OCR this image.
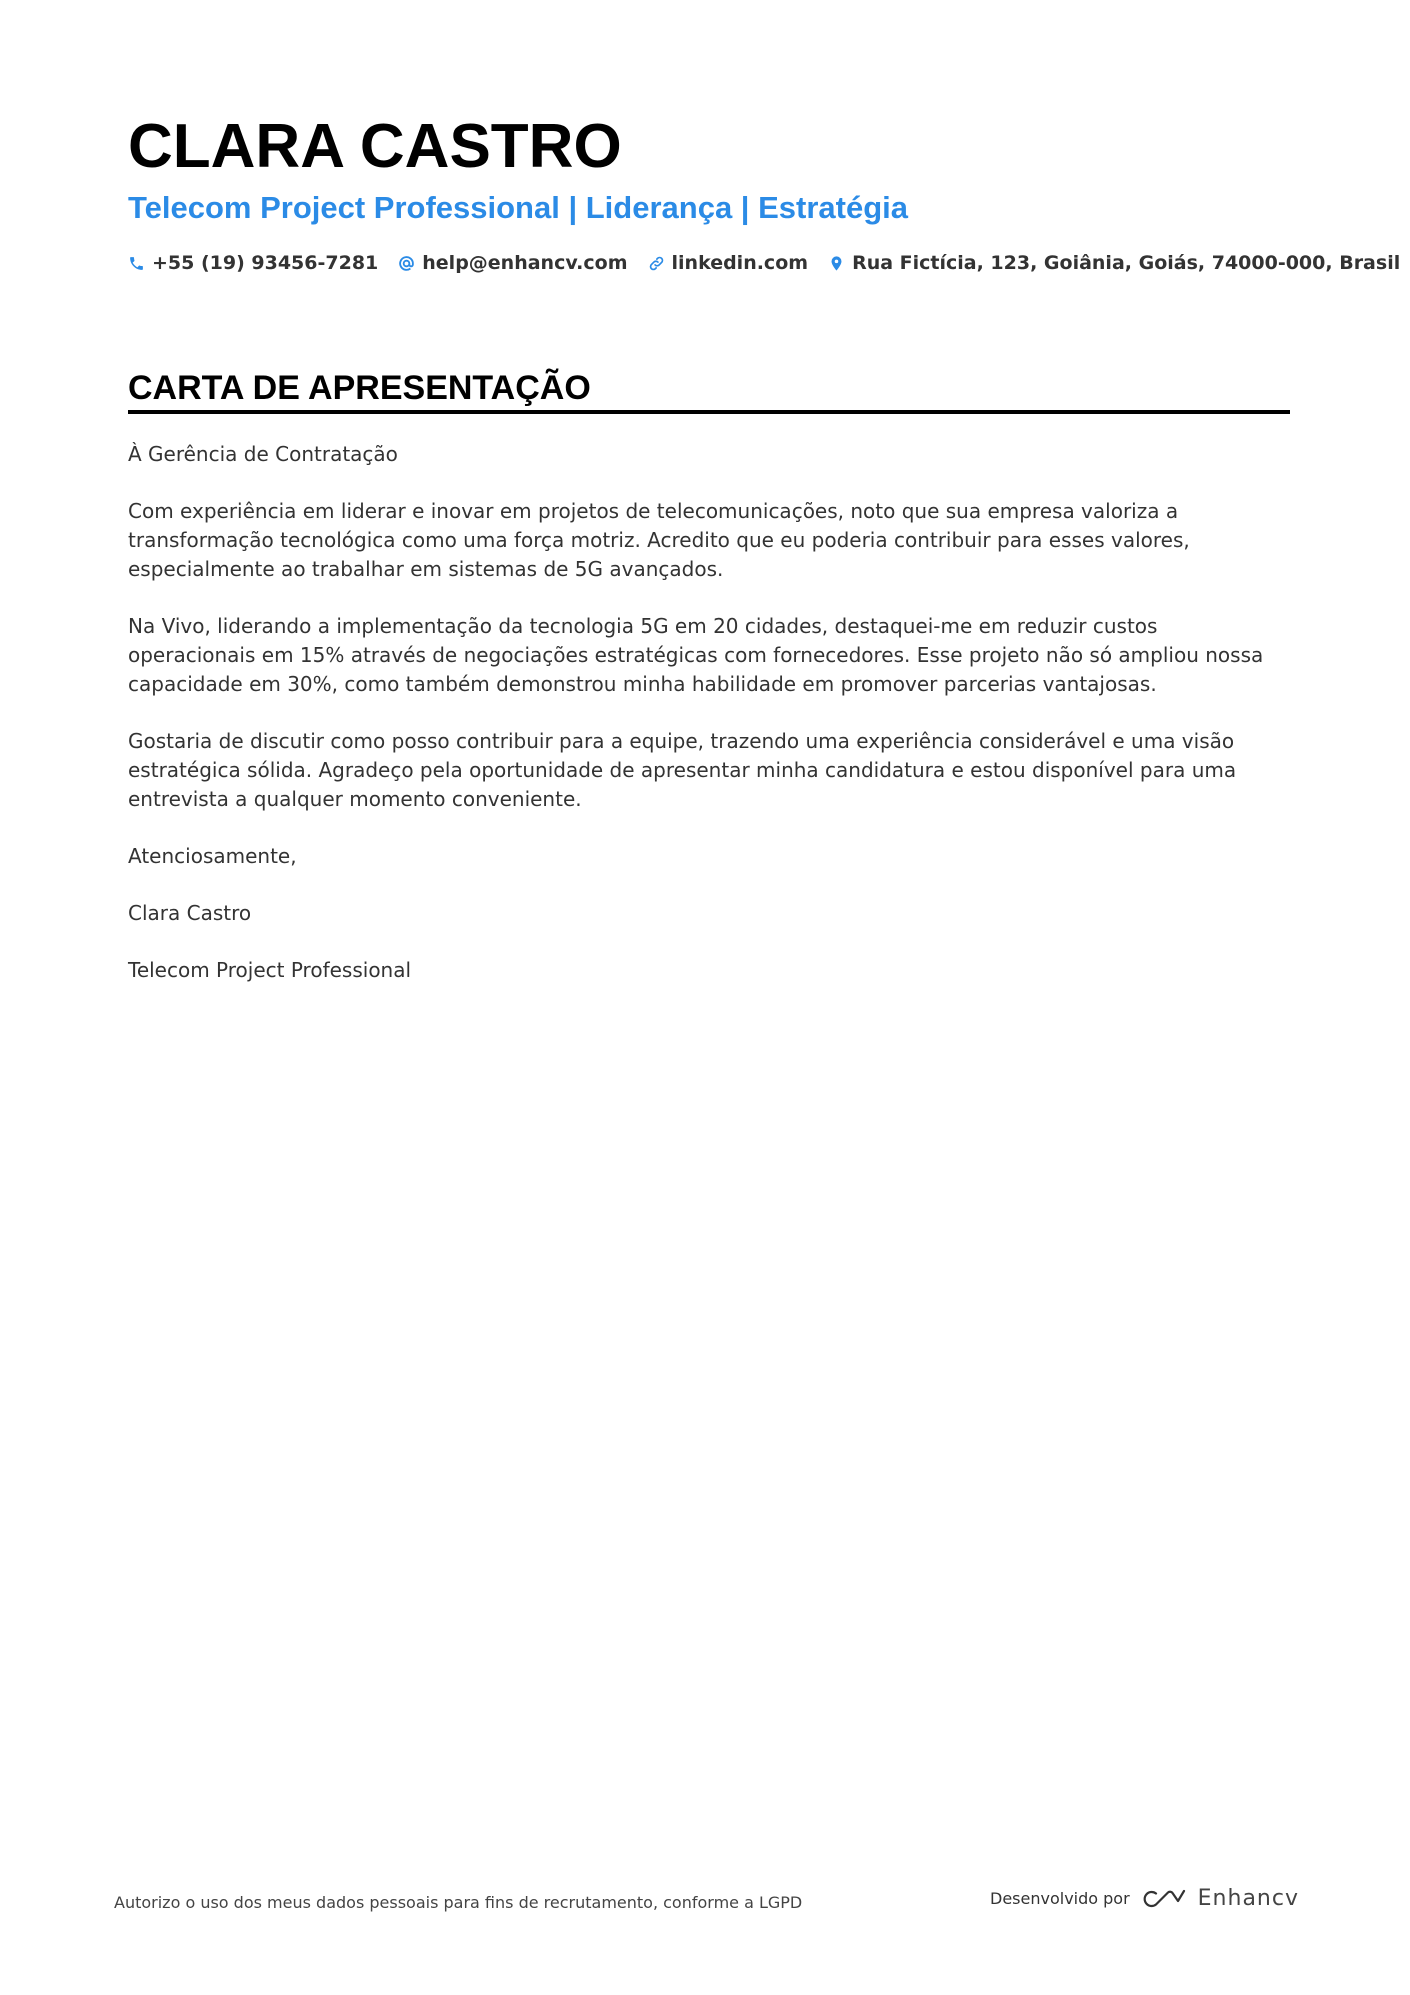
CLARA CASTRO
Telecom Project Professional | Liderança | Estratégia
+55 (19) 93456-7281 help@enhancv.com linkedin.com Rua Fictícia, 123, Goiânia, Goiás, 74000-000, Brasil
CARTA DE APRESENTAÇÃO

À Gerência de Contratação

Com experiência em liderar e inovar em projetos de telecomunicações, noto que sua empresa valoriza a transformação tecnológica como uma força motriz. Acredito que eu poderia contribuir para esses valores, especialmente ao trabalhar em sistemas de 5G avançados.

Na Vivo, liderando a implementação da tecnologia 5G em 20 cidades, destaquei-me em reduzir custos operacionais em 15% através de negociações estratégicas com fornecedores. Esse projeto não só ampliou nossa capacidade em 30%, como também demonstrou minha habilidade em promover parcerias vantajosas.

Gostaria de discutir como posso contribuir para a equipe, trazendo uma experiência considerável e uma visão estratégica sólida. Agradeço pela oportunidade de apresentar minha candidatura e estou disponível para uma entrevista a qualquer momento conveniente.

Atenciosamente,

Clara Castro

Telecom Project Professional

Autorizo o uso dos meus dados pessoais para fins de recrutamento, conforme a LGPD	Desenvolvido por	Enhancv
